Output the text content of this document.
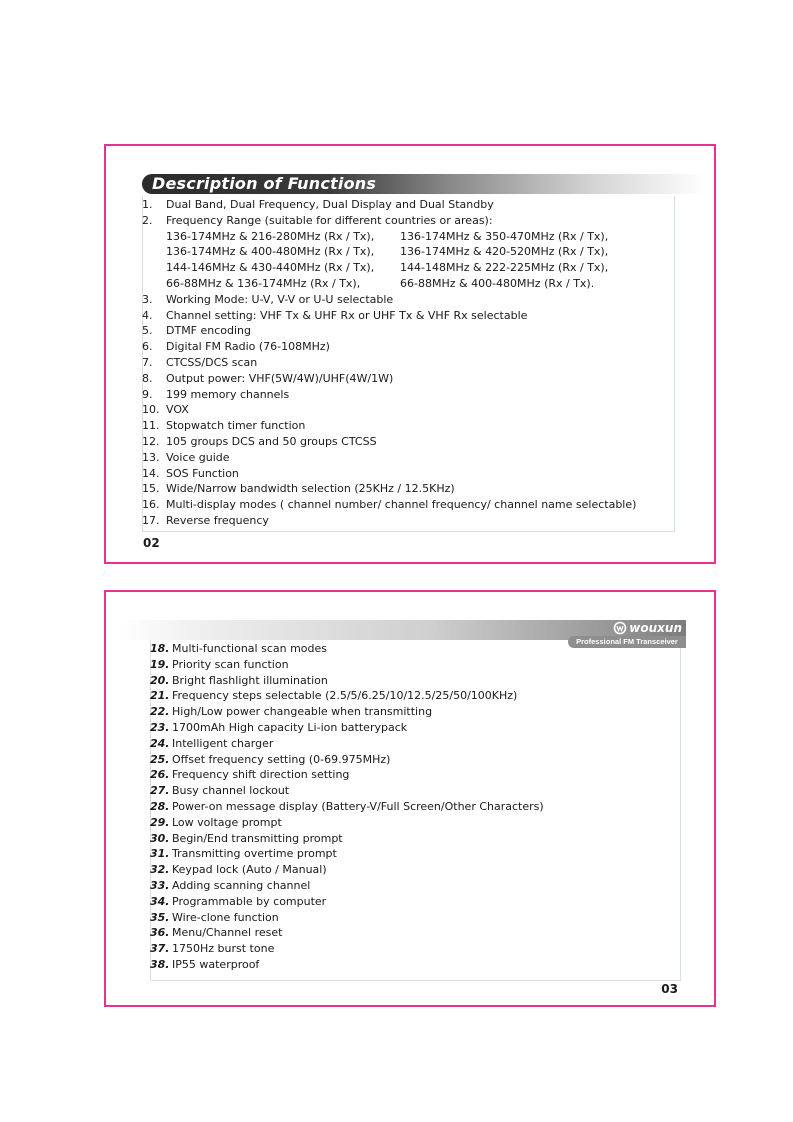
Description of Functions
1.	Dual Band, Dual Frequency, Dual Display and Dual Standby
2.	Frequency Range (suitable for different countries or areas):
136-174MHz & 216-280MHz (Rx / Tx),	136-174MHz & 350-470MHz (Rx / Tx),
136-174MHz & 400-480MHz (Rx / Tx),	136-174MHz & 420-520MHz (Rx / Tx),
144-146MHz & 430-440MHz (Rx / Tx),	144-148MHz & 222-225MHz (Rx / Tx),
66-88MHz & 136-174MHz (Rx / Tx),	66-88MHz & 400-480MHz (Rx / Tx).
3.	Working Mode: U-V, V-V or U-U selectable
4.	Channel setting: VHF Tx & UHF Rx or UHF Tx & VHF Rx selectable
5.	DTMF encoding
6.	Digital FM Radio (76-108MHz)
7.	CTCSS/DCS scan
8.	Output power: VHF(5W/4W)/UHF(4W/1W)
9.	199 memory channels
10. VOX
11. Stopwatch timer function
12. 105 groups DCS and 50 groups CTCSS
13. Voice guide
14. SOS Function
15. Wide/Narrow bandwidth selection (25KHz / 12.5KHz)
16. Multi-display modes ( channel number/ channel frequency/ channel name selectable)
17. Reverse frequency
02
wouxun
Professional FM Transceiver
18. Multi-functional scan modes
19. Priority scan function
20. Bright flashlight illumination
21. Frequency steps selectable (2.5/5/6.25/10/12.5/25/50/100KHz)
22. High/Low power changeable when transmitting
23. 1700mAh High capacity Li-ion batterypack
24. Intelligent charger
25. Offset frequency setting (0-69.975MHz)
26. Frequency shift direction setting
27. Busy channel lockout
28. Power-on message display (Battery-V/Full Screen/Other Characters)
29. Low voltage prompt
30. Begin/End transmitting prompt
31. Transmitting overtime prompt
32. Keypad lock (Auto / Manual)
33. Adding scanning channel
34. Programmable by computer
35. Wire-clone function
36. Menu/Channel reset
37. 1750Hz burst tone
38. IP55 waterproof
03
